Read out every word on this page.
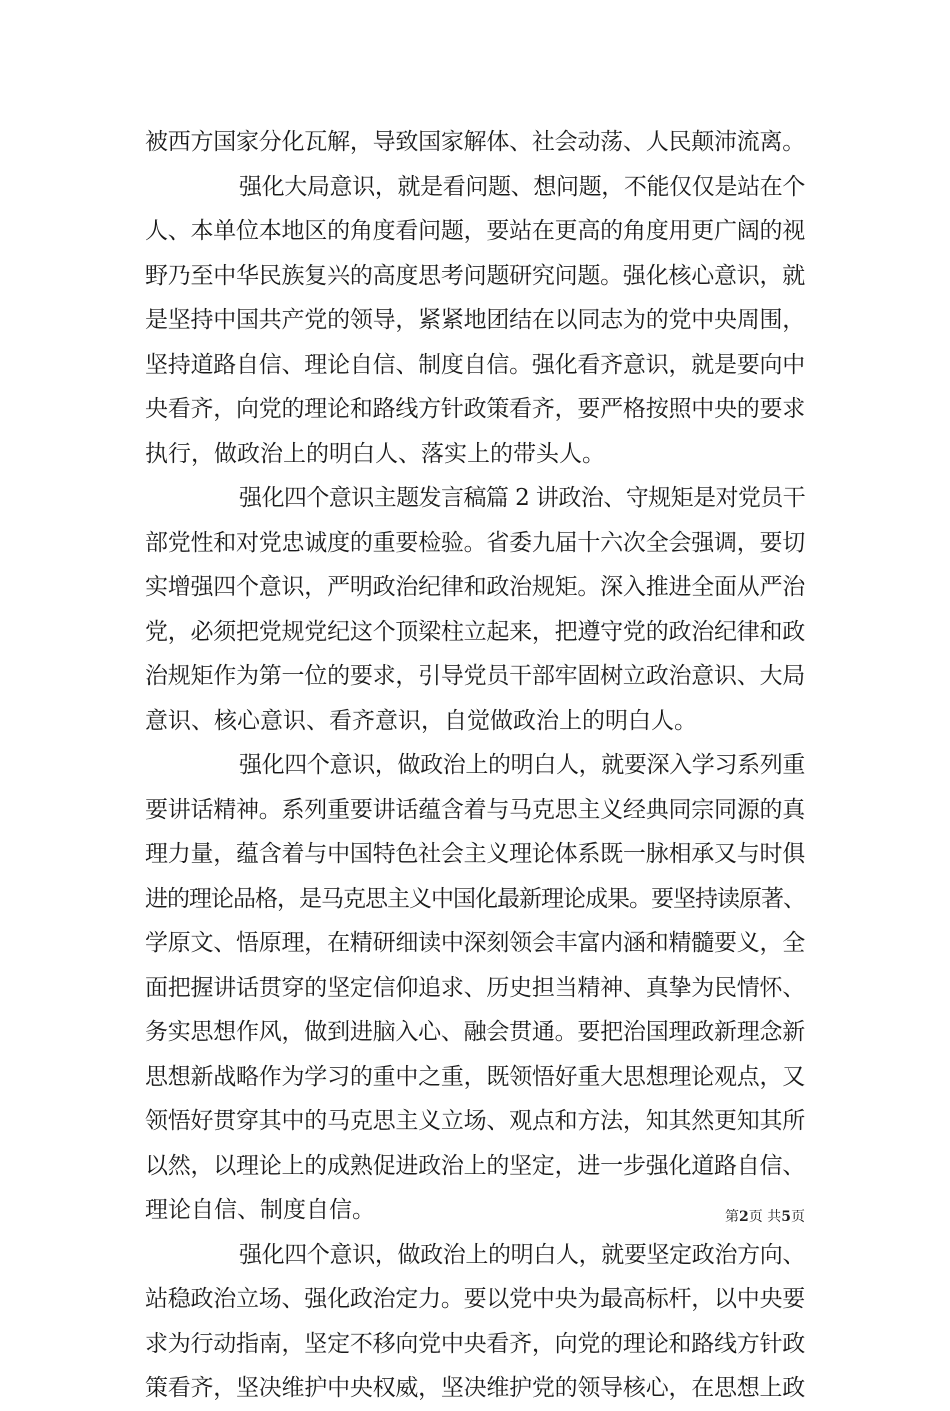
被西方国家分化瓦解，导致国家解体、社会动荡、人民颠沛流离。
强化大局意识，就是看问题、想问题，不能仅仅是站在个
人、本单位本地区的角度看问题，要站在更高的角度用更广阔的视
野乃至中华民族复兴的高度思考问题研究问题。强化核心意识，就
是坚持中国共产党的领导，紧紧地团结在以同志为的党中央周围，
坚持道路自信、理论自信、制度自信。强化看齐意识，就是要向中
央看齐，向党的理论和路线方针政策看齐，要严格按照中央的要求
执行，做政治上的明白人、落实上的带头人。
强化四个意识主题发言稿篇 2 讲政治、守规矩是对党员干
部党性和对党忠诚度的重要检验。省委九届十六次全会强调，要切
实增强四个意识，严明政治纪律和政治规矩。深入推进全面从严治
党，必须把党规党纪这个顶梁柱立起来，把遵守党的政治纪律和政
治规矩作为第一位的要求，引导党员干部牢固树立政治意识、大局
意识、核心意识、看齐意识，自觉做政治上的明白人。
强化四个意识，做政治上的明白人，就要深入学习系列重
要讲话精神。系列重要讲话蕴含着与马克思主义经典同宗同源的真
理力量，蕴含着与中国特色社会主义理论体系既一脉相承又与时俱
进的理论品格，是马克思主义中国化最新理论成果。要坚持读原著、
学原文、悟原理，在精研细读中深刻领会丰富内涵和精髓要义，全
面把握讲话贯穿的坚定信仰追求、历史担当精神、真挚为民情怀、
务实思想作风，做到进脑入心、融会贯通。要把治国理政新理念新
思想新战略作为学习的重中之重，既领悟好重大思想理论观点，又
领悟好贯穿其中的马克思主义立场、观点和方法，知其然更知其所
以然，以理论上的成熟促进政治上的坚定，进一步强化道路自信、
理论自信、制度自信。
强化四个意识，做政治上的明白人，就要坚定政治方向、
站稳政治立场、强化政治定力。要以党中央为最高标杆，以中央要
求为行动指南，坚定不移向党中央看齐，向党的理论和路线方针政
策看齐，坚决维护中央权威，坚决维护党的领导核心，在思想上政
第2页 共5页
